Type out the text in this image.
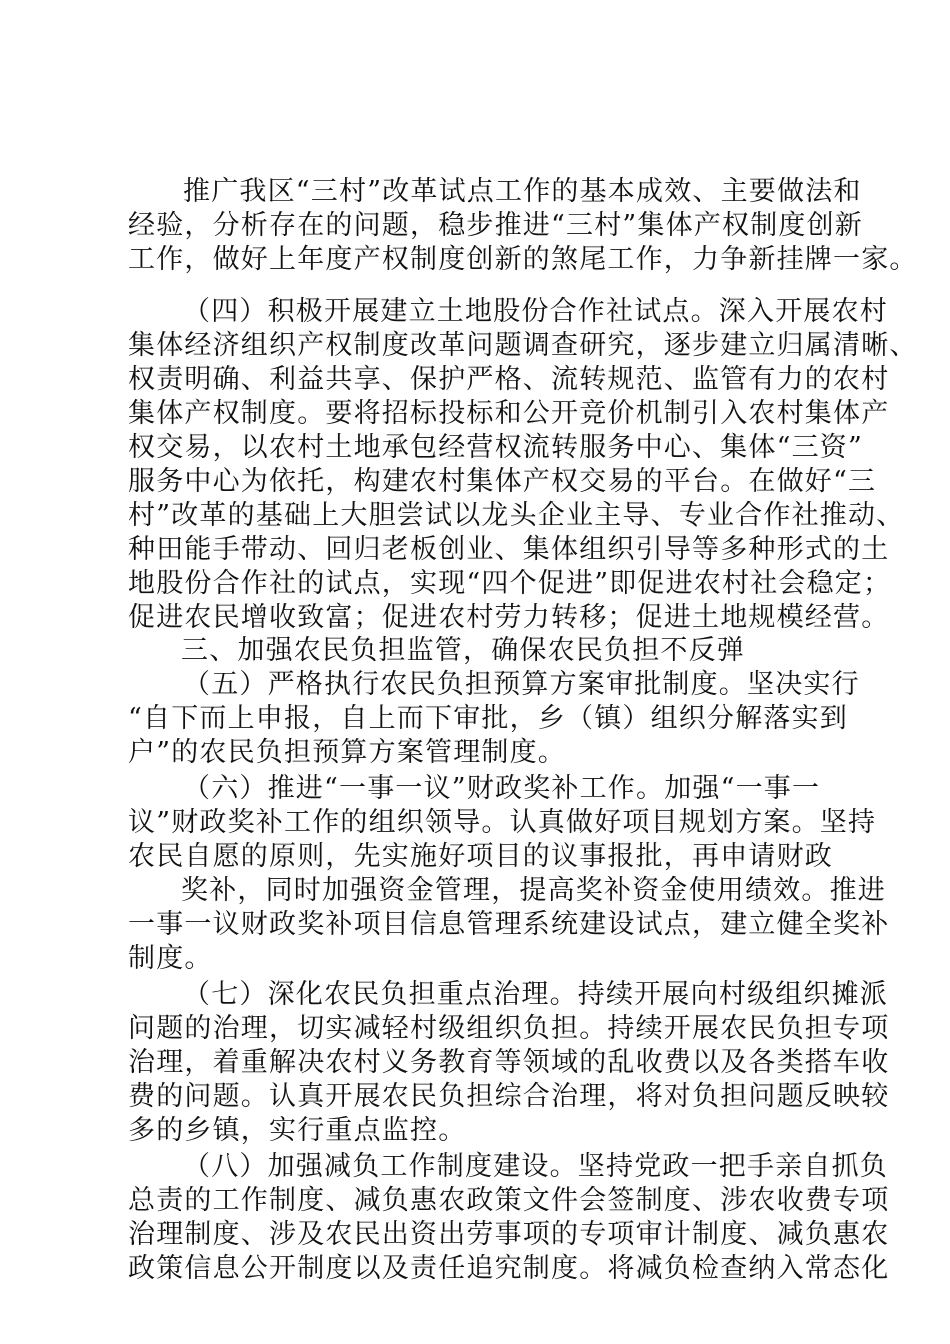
推广我区“三村”改革试点工作的基本成效、主要做法和
经验，分析存在的问题，稳步推进“三村”集体产权制度创新
工作，做好上年度产权制度创新的煞尾工作，力争新挂牌一家。
（四）积极开展建立土地股份合作社试点。深入开展农村
集体经济组织产权制度改革问题调查研究，逐步建立归属清晰、
权责明确、利益共享、保护严格、流转规范、监管有力的农村
集体产权制度。要将招标投标和公开竞价机制引入农村集体产
权交易，以农村土地承包经营权流转服务中心、集体“三资”
服务中心为依托，构建农村集体产权交易的平台。在做好“三
村”改革的基础上大胆尝试以龙头企业主导、专业合作社推动、
种田能手带动、回归老板创业、集体组织引导等多种形式的土
地股份合作社的试点，实现“四个促进”即促进农村社会稳定；
促进农民增收致富；促进农村劳力转移；促进土地规模经营。
三、加强农民负担监管，确保农民负担不反弹
（五）严格执行农民负担预算方案审批制度。坚决实行
“自下而上申报，自上而下审批，乡（镇）组织分解落实到
户”的农民负担预算方案管理制度。
（六）推进“一事一议”财政奖补工作。加强“一事一
议”财政奖补工作的组织领导。认真做好项目规划方案。坚持
农民自愿的原则，先实施好项目的议事报批，再申请财政
奖补，同时加强资金管理，提高奖补资金使用绩效。推进
一事一议财政奖补项目信息管理系统建设试点，建立健全奖补
制度。
（七）深化农民负担重点治理。持续开展向村级组织摊派
问题的治理，切实减轻村级组织负担。持续开展农民负担专项
治理，着重解决农村义务教育等领域的乱收费以及各类搭车收
费的问题。认真开展农民负担综合治理，将对负担问题反映较
多的乡镇，实行重点监控。
（八）加强减负工作制度建设。坚持党政一把手亲自抓负
总责的工作制度、减负惠农政策文件会签制度、涉农收费专项
治理制度、涉及农民出资出劳事项的专项审计制度、减负惠农
政策信息公开制度以及责任追究制度。将减负检查纳入常态化
